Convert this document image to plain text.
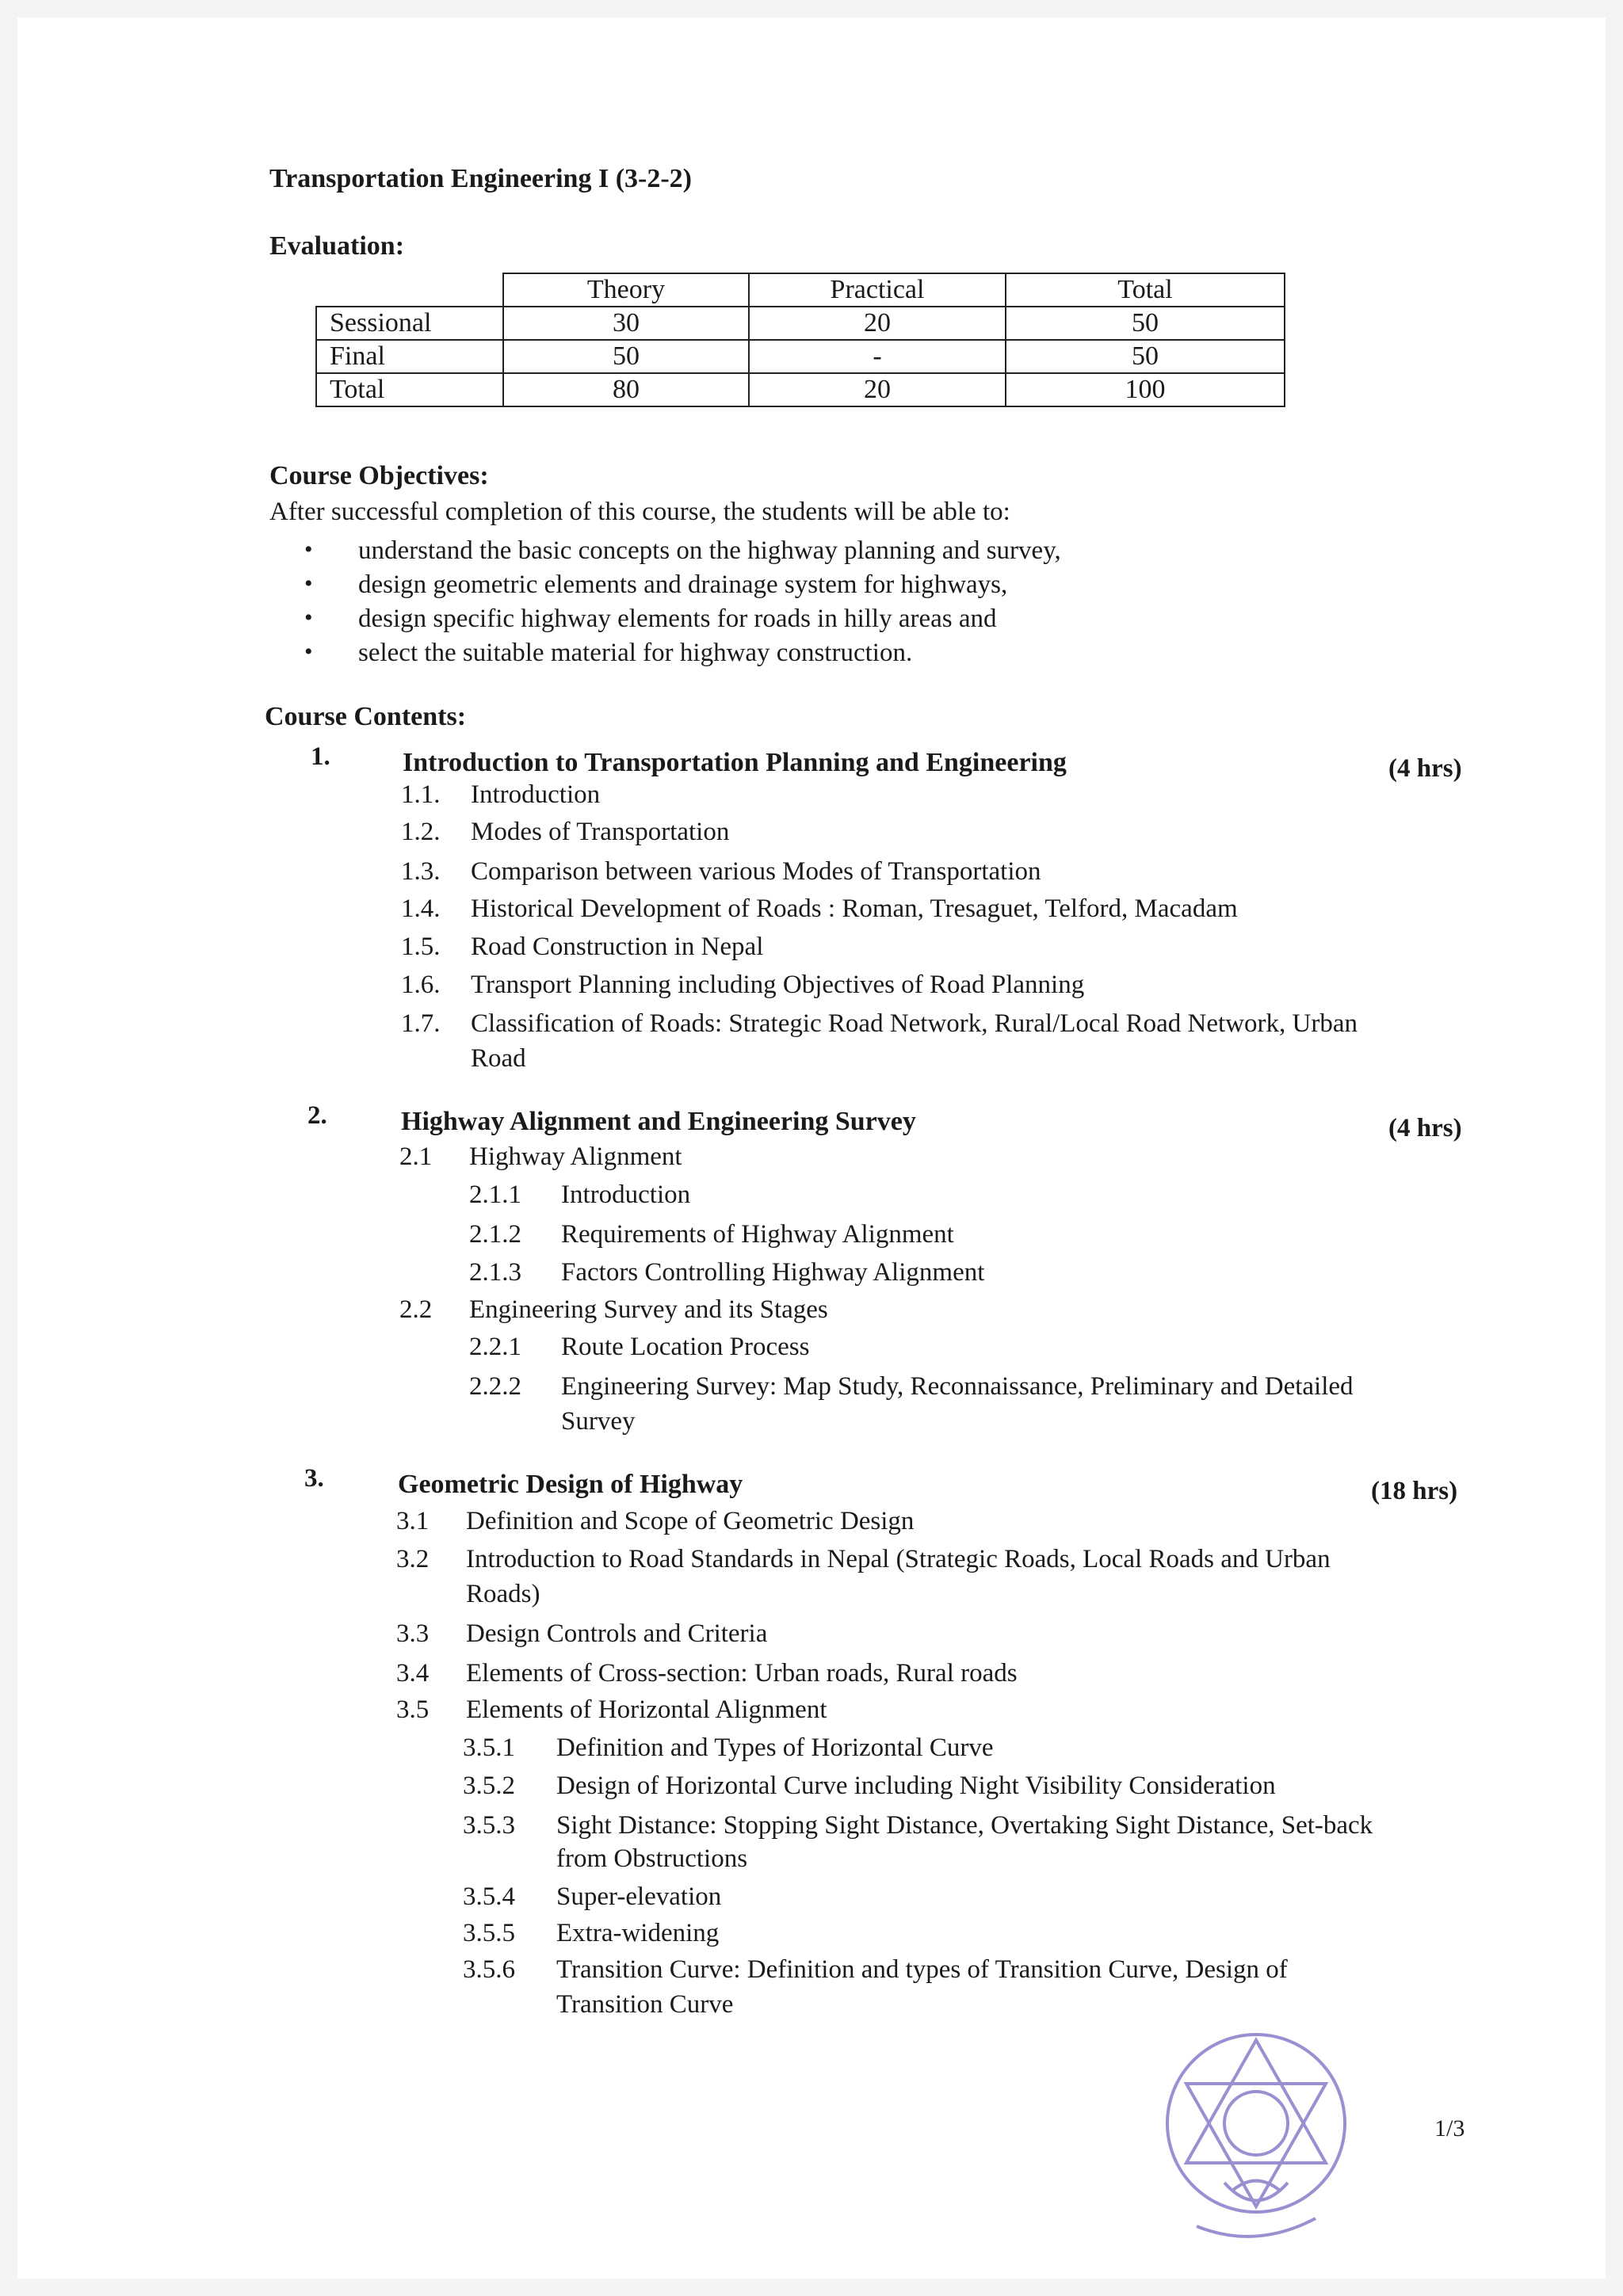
Transportation Engineering I (3-2-2)
Evaluation:
	Theory	Practical	Total
Sessional	30	20	50
Final	50	-	50
Total	80	20	100
Course Objectives:
After successful completion of this course, the students will be able to:
• understand the basic concepts on the highway planning and survey,
• design geometric elements and drainage system for highways,
• design specific highway elements for roads in hilly areas and
• select the suitable material for highway construction.
Course Contents:
1.	Introduction to Transportation Planning and Engineering	(4 hrs)
1.1. Introduction
1.2. Modes of Transportation
1.3. Comparison between various Modes of Transportation
1.4. Historical Development of Roads : Roman, Tresaguet, Telford, Macadam
1.5. Road Construction in Nepal
1.6. Transport Planning including Objectives of Road Planning
1.7. Classification of Roads: Strategic Road Network, Rural/Local Road Network, Urban
Road
2.	Highway Alignment and Engineering Survey	(4 hrs)
2.1 Highway Alignment
2.1.1 Introduction
2.1.2 Requirements of Highway Alignment
2.1.3 Factors Controlling Highway Alignment
2.2 Engineering Survey and its Stages
2.2.1 Route Location Process
2.2.2 Engineering Survey: Map Study, Reconnaissance, Preliminary and Detailed
Survey
3.	Geometric Design of Highway	(18 hrs)
3.1 Definition and Scope of Geometric Design
3.2 Introduction to Road Standards in Nepal (Strategic Roads, Local Roads and Urban
Roads)
3.3 Design Controls and Criteria
3.4 Elements of Cross-section: Urban roads, Rural roads
3.5 Elements of Horizontal Alignment
3.5.1 Definition and Types of Horizontal Curve
3.5.2 Design of Horizontal Curve including Night Visibility Consideration
3.5.3 Sight Distance: Stopping Sight Distance, Overtaking Sight Distance, Set-back
from Obstructions
3.5.4 Super-elevation
3.5.5 Extra-widening
3.5.6 Transition Curve: Definition and types of Transition Curve, Design of
Transition Curve
1/3
